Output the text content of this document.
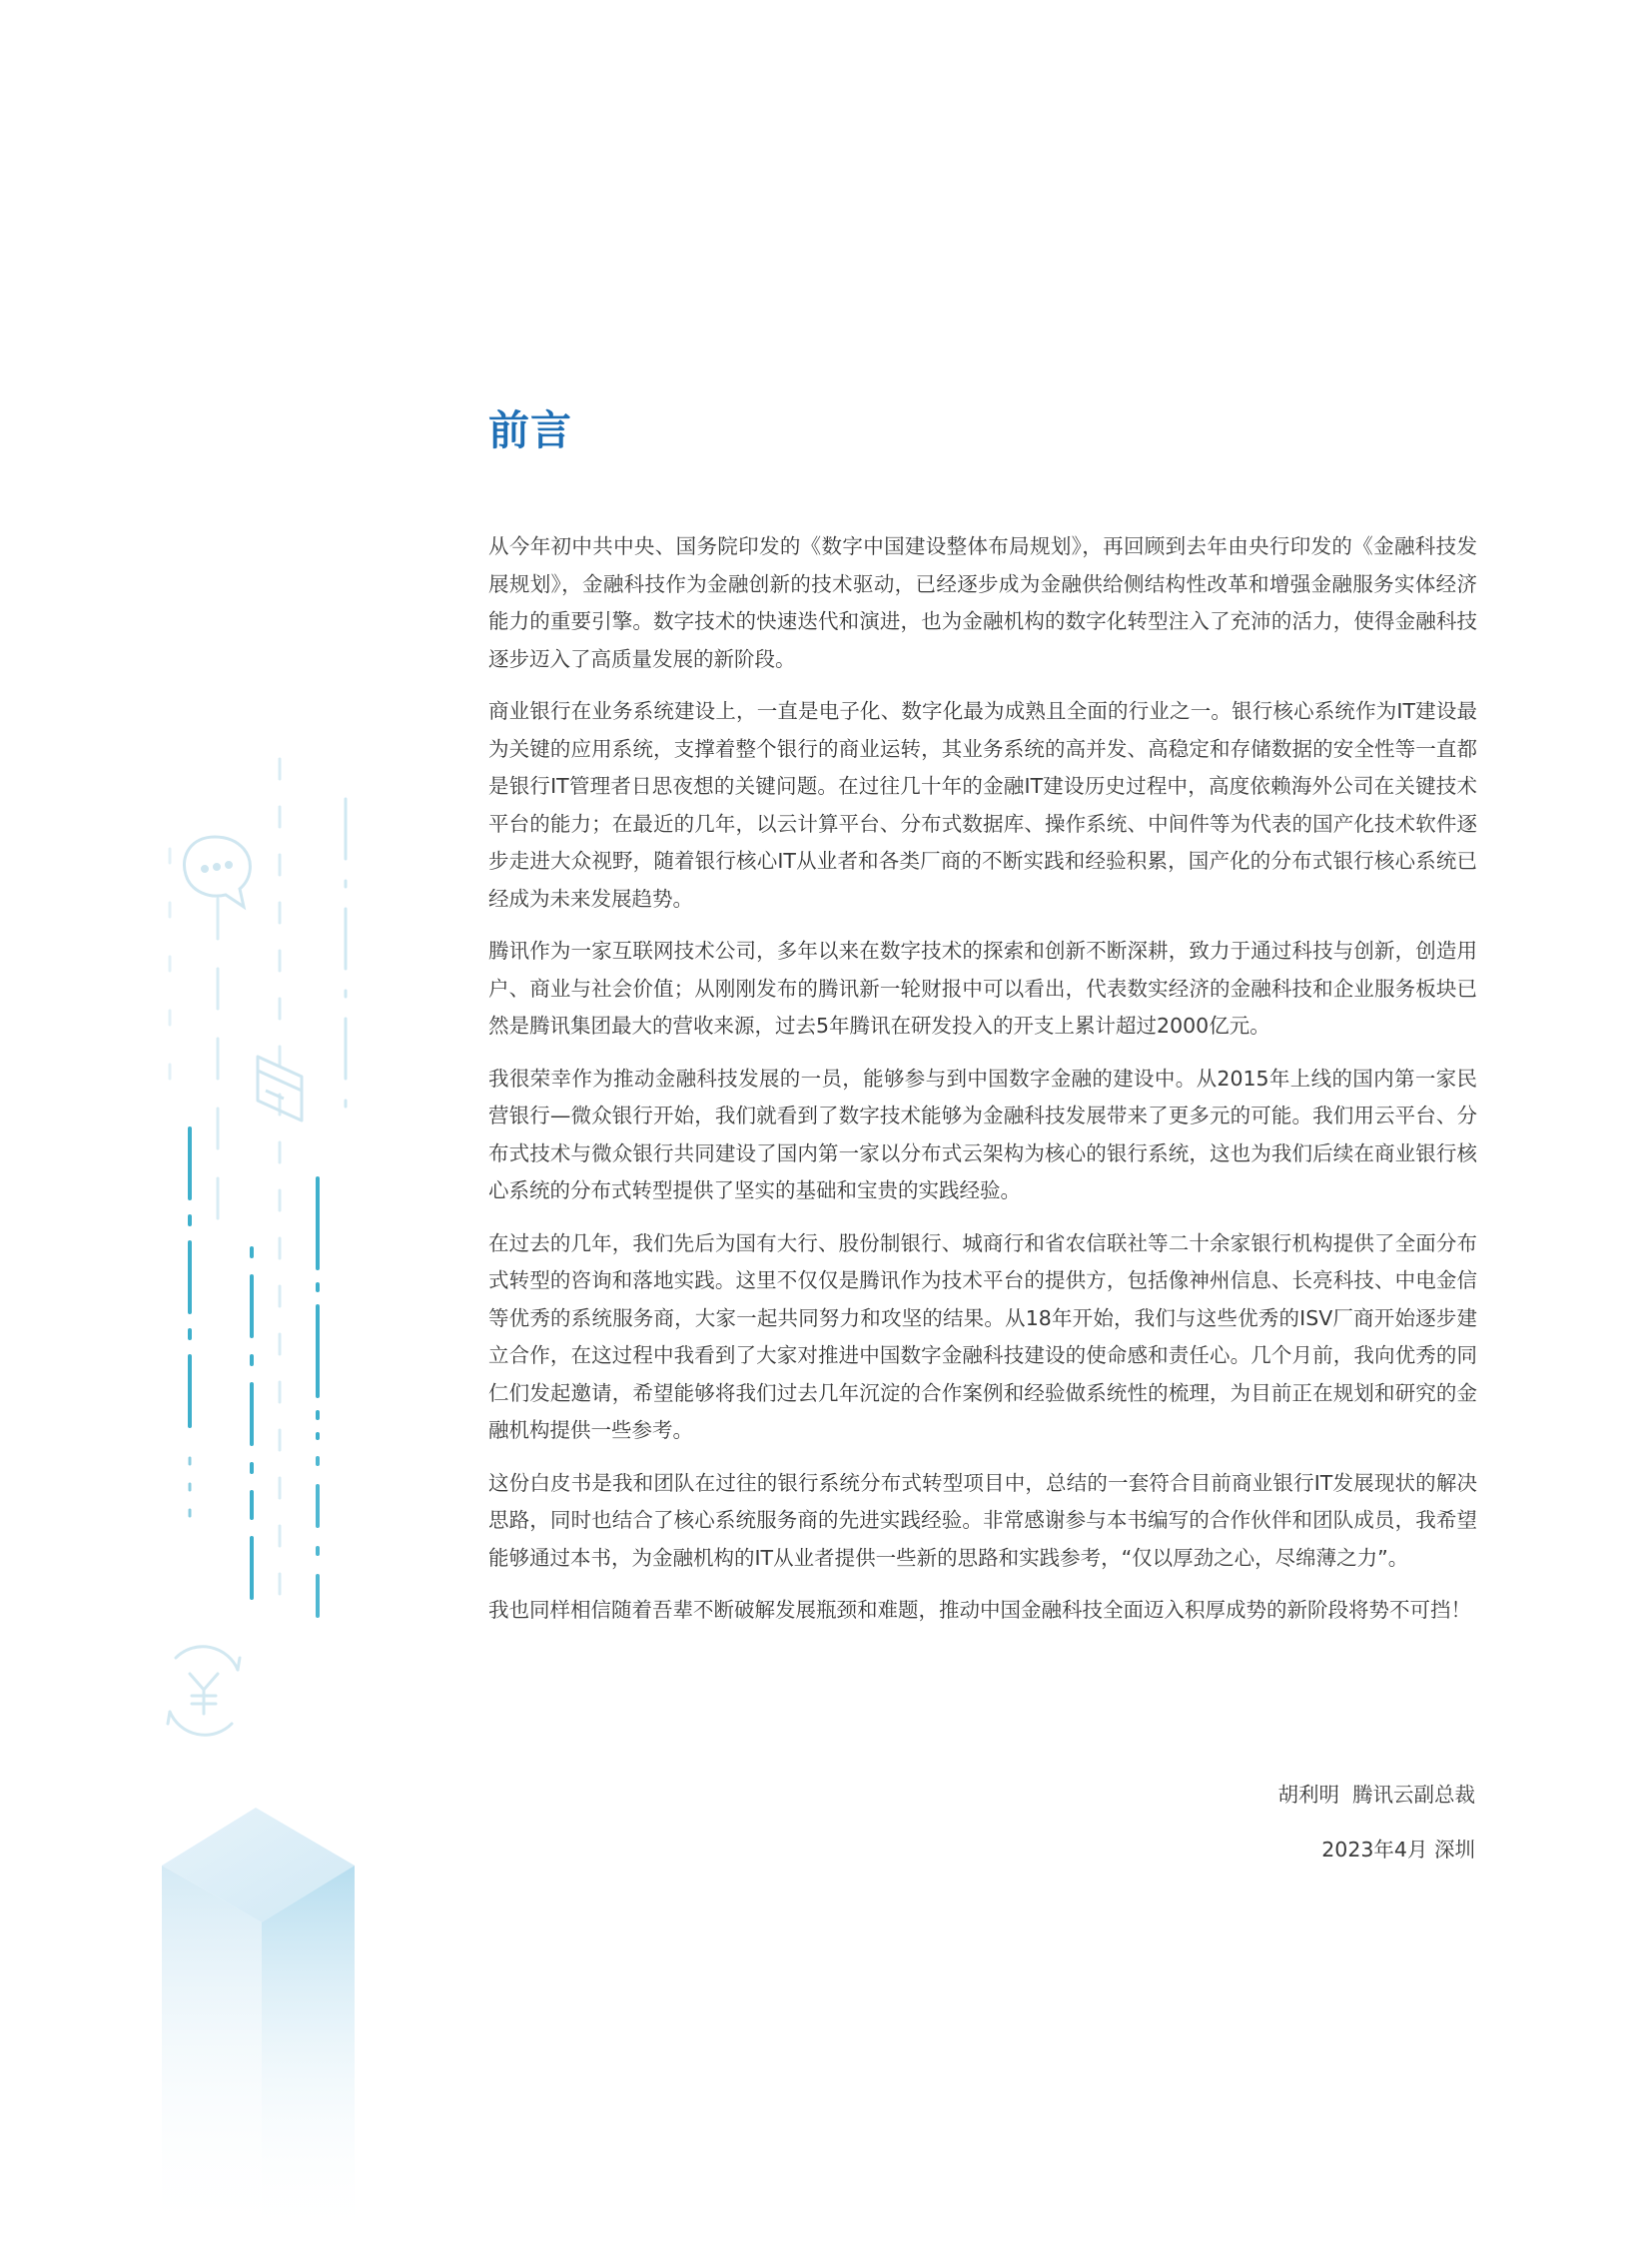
前言

从今年初中共中央、国务院印发的《数字中国建设整体布局规划》，再回顾到去年由央行印发的《金融科技发展规划》，金融科技作为金融创新的技术驱动，已经逐步成为金融供给侧结构性改革和增强金融服务实体经济能力的重要引擎。数字技术的快速迭代和演进，也为金融机构的数字化转型注入了充沛的活力，使得金融科技逐步迈入了高质量发展的新阶段。

商业银行在业务系统建设上，一直是电子化、数字化最为成熟且全面的行业之一。银行核心系统作为IT建设最为关键的应用系统，支撑着整个银行的商业运转，其业务系统的高并发、高稳定和存储数据的安全性等一直都是银行IT管理者日思夜想的关键问题。在过往几十年的金融IT建设历史过程中，高度依赖海外公司在关键技术平台的能力；在最近的几年，以云计算平台、分布式数据库、操作系统、中间件等为代表的国产化技术软件逐步走进大众视野，随着银行核心IT从业者和各类厂商的不断实践和经验积累，国产化的分布式银行核心系统已经成为未来发展趋势。

腾讯作为一家互联网技术公司，多年以来在数字技术的探索和创新不断深耕，致力于通过科技与创新，创造用户、商业与社会价值；从刚刚发布的腾讯新一轮财报中可以看出，代表数实经济的金融科技和企业服务板块已然是腾讯集团最大的营收来源，过去5年腾讯在研发投入的开支上累计超过2000亿元。

我很荣幸作为推动金融科技发展的一员，能够参与到中国数字金融的建设中。从2015年上线的国内第一家民营银行—微众银行开始，我们就看到了数字技术能够为金融科技发展带来了更多元的可能。我们用云平台、分布式技术与微众银行共同建设了国内第一家以分布式云架构为核心的银行系统，这也为我们后续在商业银行核心系统的分布式转型提供了坚实的基础和宝贵的实践经验。

在过去的几年，我们先后为国有大行、股份制银行、城商行和省农信联社等二十余家银行机构提供了全面分布式转型的咨询和落地实践。这里不仅仅是腾讯作为技术平台的提供方，包括像神州信息、长亮科技、中电金信等优秀的系统服务商，大家一起共同努力和攻坚的结果。从18年开始，我们与这些优秀的ISV厂商开始逐步建立合作，在这过程中我看到了大家对推进中国数字金融科技建设的使命感和责任心。几个月前，我向优秀的同仁们发起邀请，希望能够将我们过去几年沉淀的合作案例和经验做系统性的梳理，为目前正在规划和研究的金融机构提供一些参考。

这份白皮书是我和团队在过往的银行系统分布式转型项目中，总结的一套符合目前商业银行IT发展现状的解决思路，同时也结合了核心系统服务商的先进实践经验。非常感谢参与本书编写的合作伙伴和团队成员，我希望能够通过本书，为金融机构的IT从业者提供一些新的思路和实践参考，“仅以厚劲之心，尽绵薄之力”。

我也同样相信随着吾辈不断破解发展瓶颈和难题，推动中国金融科技全面迈入积厚成势的新阶段将势不可挡！

胡利明  腾讯云副总裁
2023年4月 深圳
